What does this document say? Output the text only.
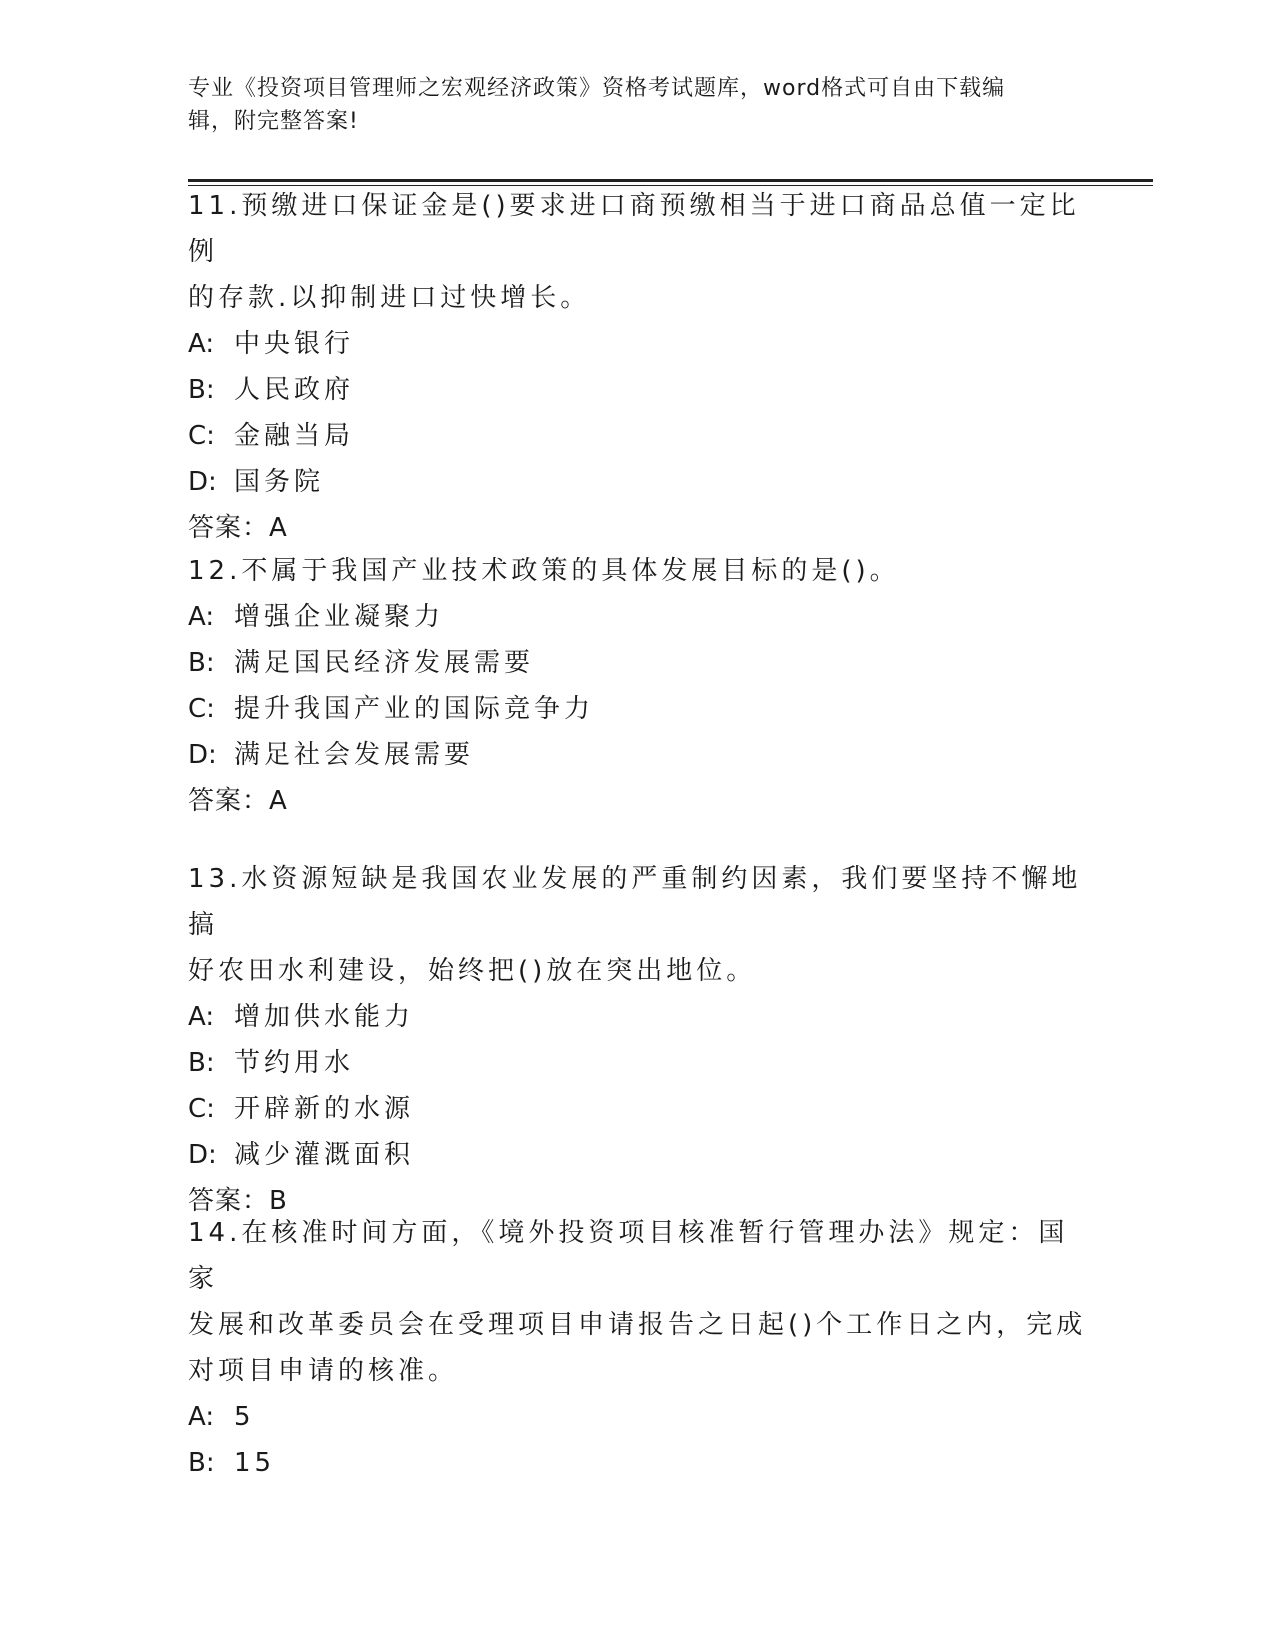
专业《投资项目管理师之宏观经济政策》资格考试题库，word格式可自由下载编
辑，附完整答案!

11.预缴进口保证金是()要求进口商预缴相当于进口商品总值一定比例

的存款.以抑制进口过快增长。

A: 中央银行

B: 人民政府

C: 金融当局

D: 国务院

答案：A

12.不属于我国产业技术政策的具体发展目标的是()。

A: 增强企业凝聚力

B: 满足国民经济发展需要

C: 提升我国产业的国际竞争力

D: 满足社会发展需要

答案：A

13.水资源短缺是我国农业发展的严重制约因素，我们要坚持不懈地搞

好农田水利建设，始终把()放在突出地位。

A: 增加供水能力

B: 节约用水

C: 开辟新的水源

D: 减少灌溉面积

答案：B

14.在核准时间方面，《境外投资项目核准暂行管理办法》规定：国家

发展和改革委员会在受理项目申请报告之日起()个工作日之内，完成

对项目申请的核准。

A: 5

B: 15
